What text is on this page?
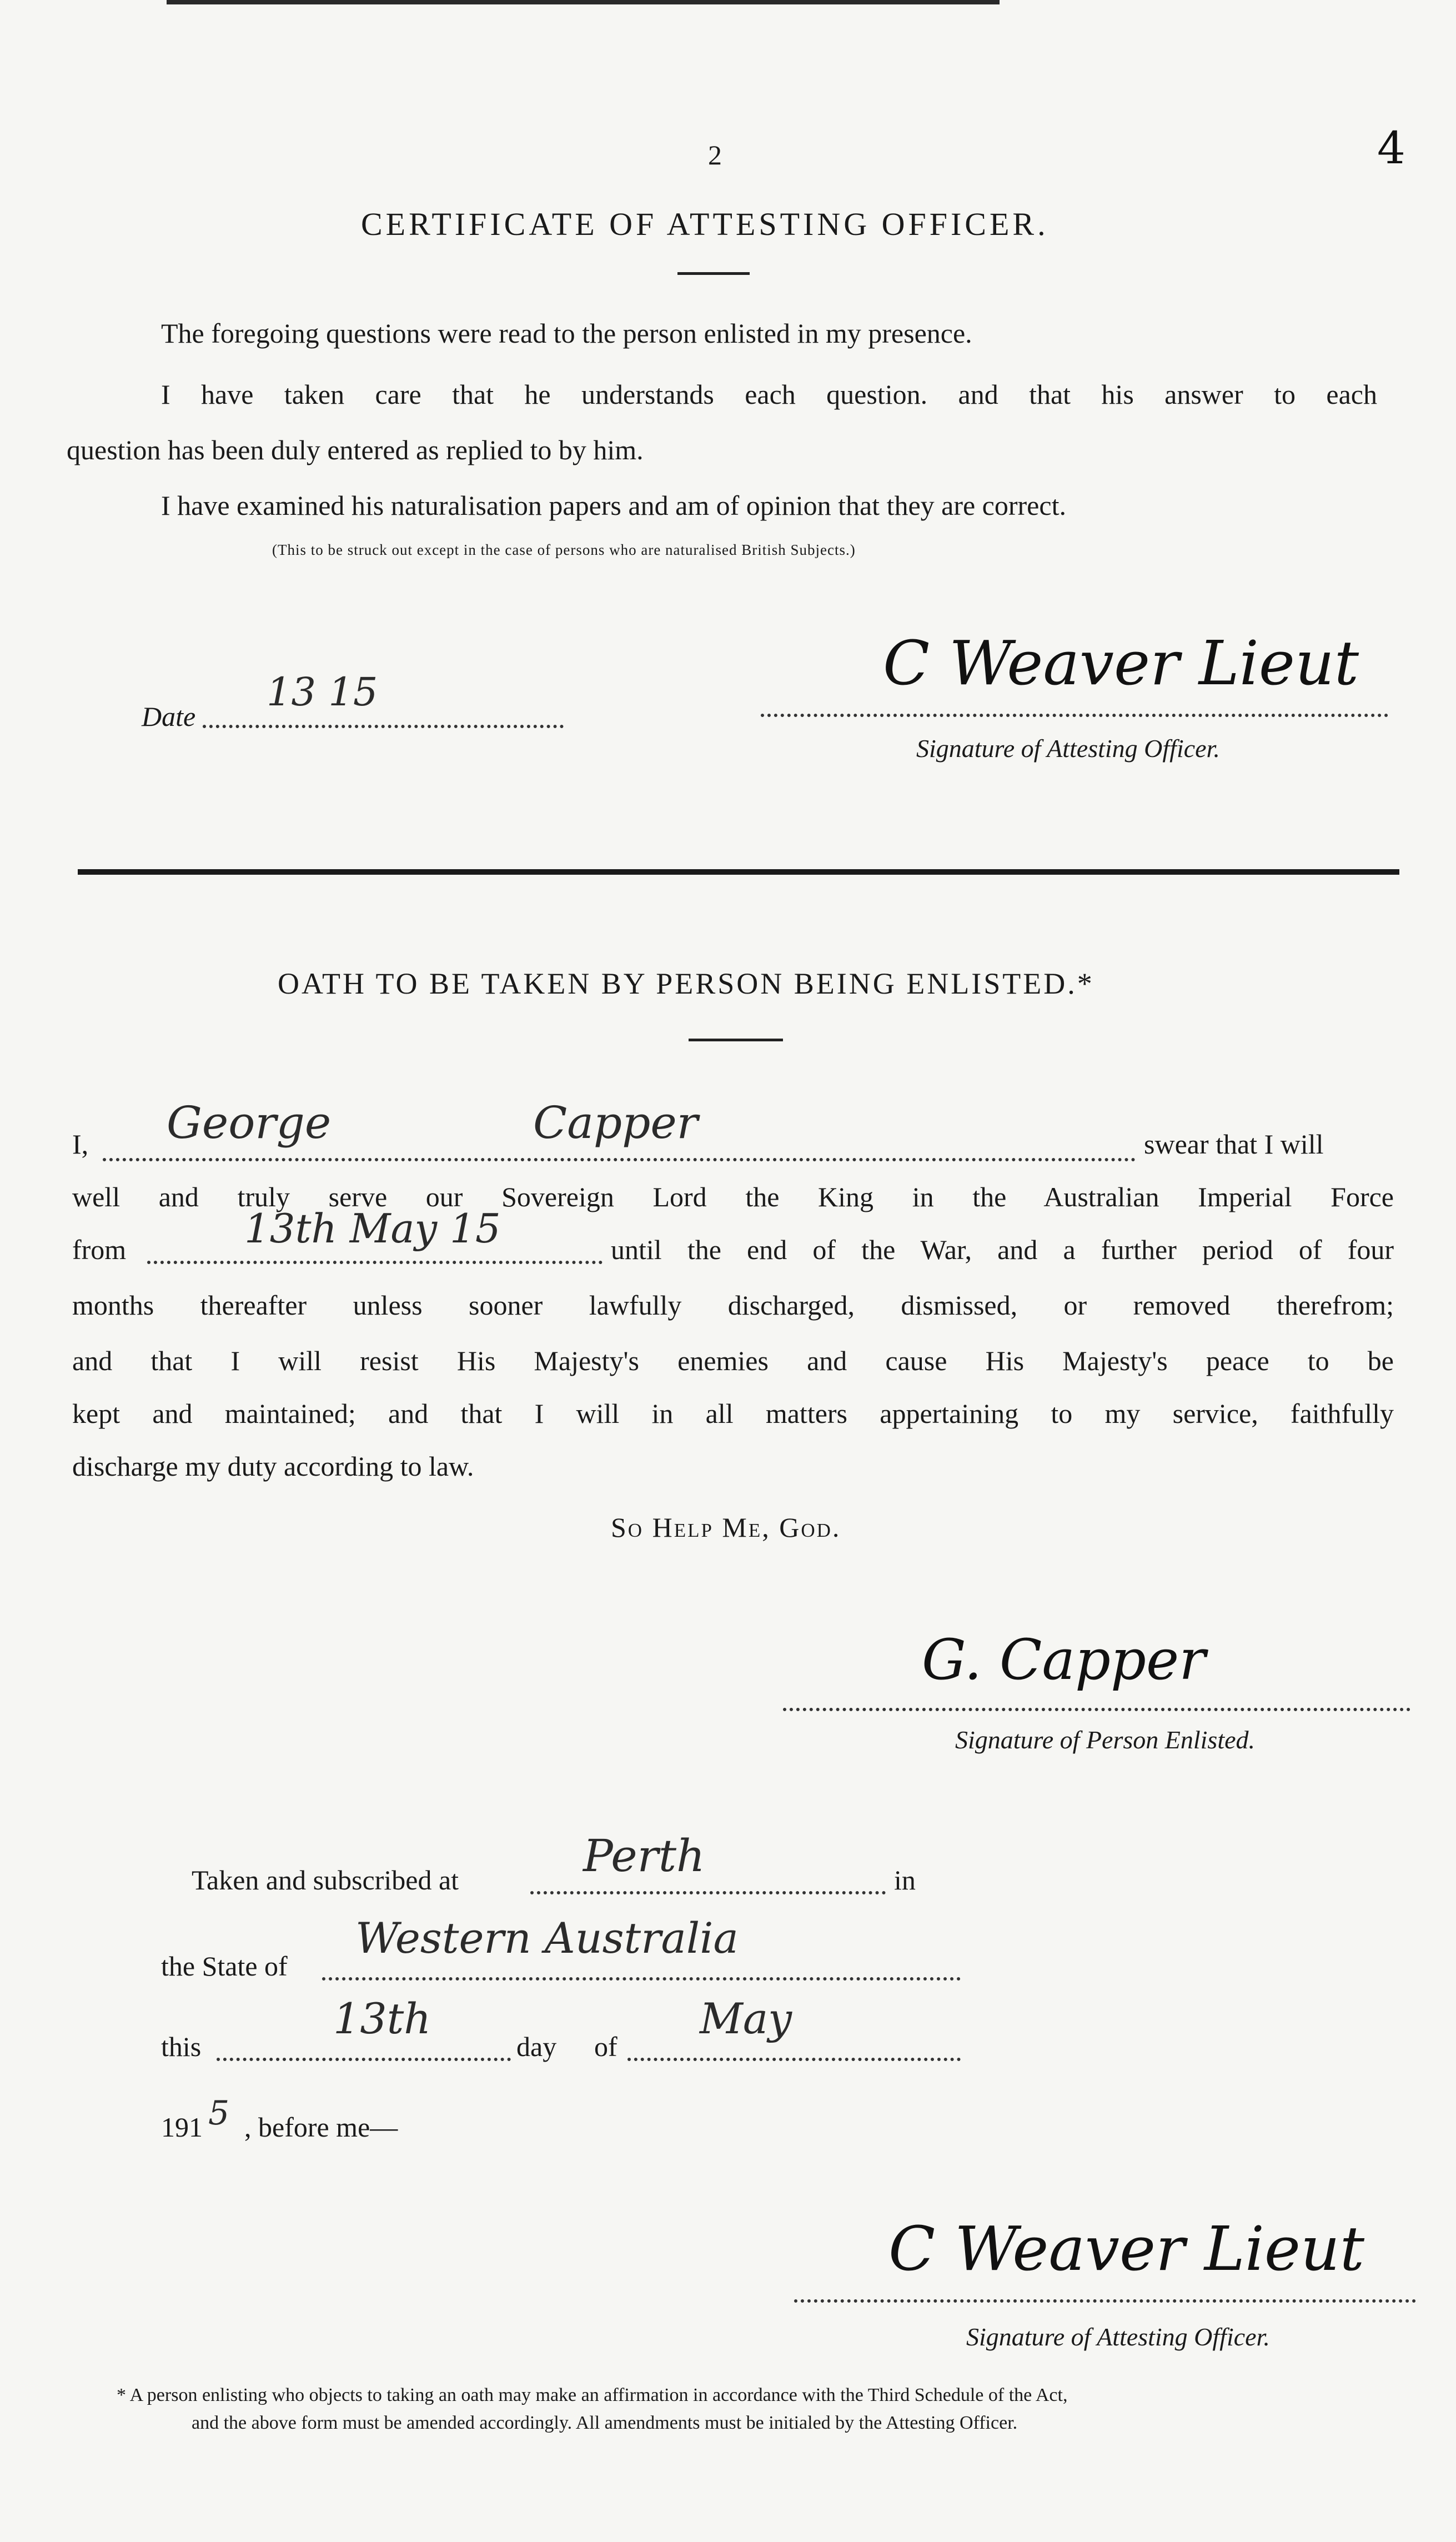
2	4
CERTIFICATE OF ATTESTING OFFICER.
The foregoing questions were read to the person enlisted in my presence.
I have taken care that he understands each question. and that his answer to each
question has been duly entered as replied to by him.
I have examined his naturalisation papers and am of opinion that they are correct.
(This to be struck out except in the case of persons who are naturalised British Subjects.)
Date
13 15	C Weaver Lieut
Signature of Attesting Officer.
OATH TO BE TAKEN BY PERSON BEING ENLISTED.*
I, George	Capper	swear that I will
well and truly serve our Sovereign Lord the King in the Australian Imperial Force
from	13th May 15	until the end of the War, and a further period of four
months thereafter unless sooner lawfully discharged, dismissed, or removed therefrom;
and that I will resist His Majesty's enemies and cause His Majesty's peace to be
kept and maintained; and that I will in all matters appertaining to my service, faithfully
discharge my duty according to law.
So Help Me, God.
G. Capper
Signature of Person Enlisted.
Taken and subscribed at	Perth	in
the State of
Western Australia
this
13th
day of
May
191 5 , before me—
C Weaver Lieut
Signature of Attesting Officer.
* A person enlisting who objects to taking an oath may make an affirmation in accordance with the Third Schedule of the Act,
and the above form must be amended accordingly. All amendments must be initialed by the Attesting Officer.
